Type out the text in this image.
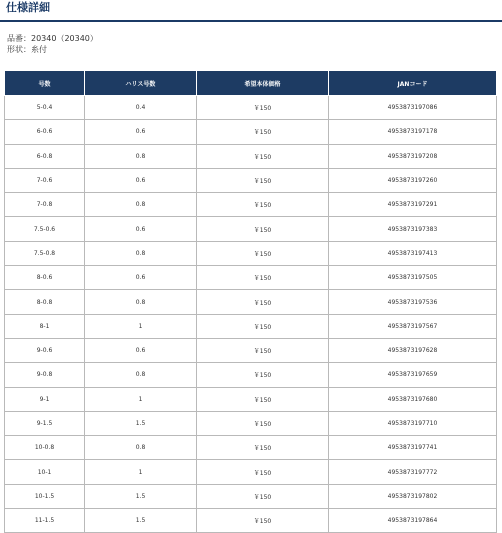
仕様詳細
品番：20340（20340）
形状：糸付
号数	ハリス号数	希望本体価格	JANコード
5-0.4	0.4	￥150	4953873197086
6-0.6	0.6	￥150	4953873197178
6-0.8	0.8	￥150	4953873197208
7-0.6	0.6	￥150	4953873197260
7-0.8	0.8	￥150	4953873197291
7.5-0.6	0.6	￥150	4953873197383
7.5-0.8	0.8	￥150	4953873197413
8-0.6	0.6	￥150	4953873197505
8-0.8	0.8	￥150	4953873197536
8-1	1	￥150	4953873197567
9-0.6	0.6	￥150	4953873197628
9-0.8	0.8	￥150	4953873197659
9-1	1	￥150	4953873197680
9-1.5	1.5	￥150	4953873197710
10-0.8	0.8	￥150	4953873197741
10-1	1	￥150	4953873197772
10-1.5	1.5	￥150	4953873197802
11-1.5	1.5	￥150	4953873197864
